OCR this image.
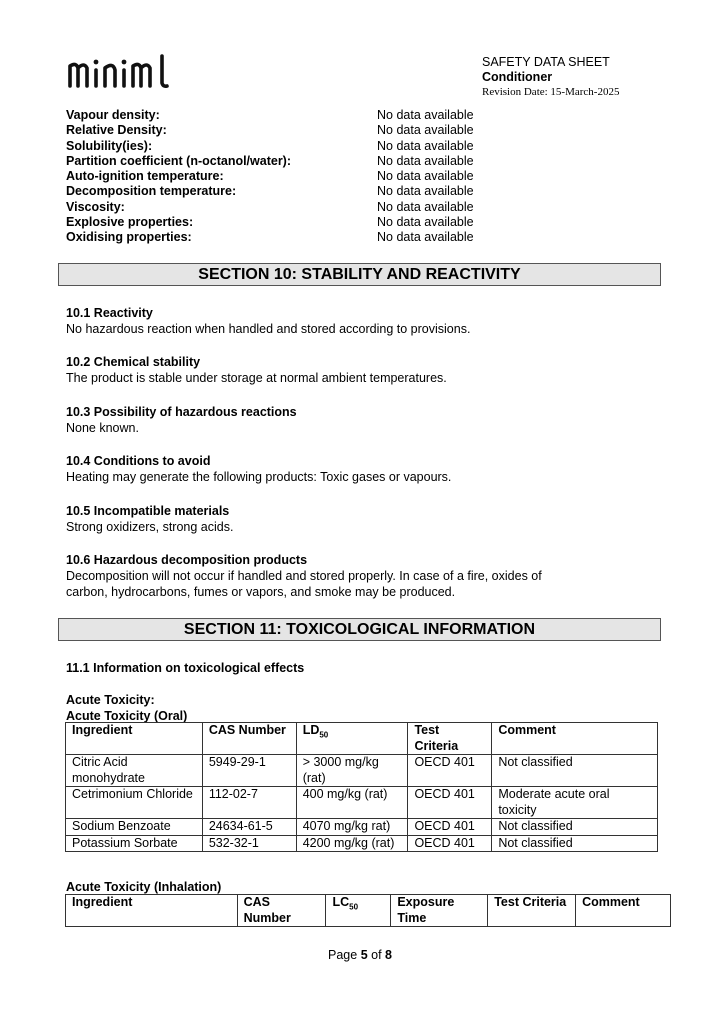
SAFETY DATA SHEET
Conditioner
Revision Date: 15-March-2025
Vapour density:	No data available
Relative Density:	No data available
Solubility(ies):	No data available
Partition coefficient (n-octanol/water):	No data available
Auto-ignition temperature:	No data available
Decomposition temperature:	No data available
Viscosity:	No data available
Explosive properties:	No data available
Oxidising properties:	No data available
SECTION 10: STABILITY AND REACTIVITY
10.1 Reactivity
No hazardous reaction when handled and stored according to provisions.
10.2 Chemical stability
The product is stable under storage at normal ambient temperatures.
10.3 Possibility of hazardous reactions
None known.
10.4 Conditions to avoid
Heating may generate the following products: Toxic gases or vapours.
10.5 Incompatible materials
Strong oxidizers, strong acids.
10.6 Hazardous decomposition products
Decomposition will not occur if handled and stored properly. In case of a fire, oxides of carbon, hydrocarbons, fumes or vapors, and smoke may be produced.
SECTION 11: TOXICOLOGICAL INFORMATION
11.1 Information on toxicological effects
Acute Toxicity:
Acute Toxicity (Oral)
Ingredient	CAS Number	$LD_{50}$	Test Criteria	Comment
Citric Acid monohydrate	5949-29-1	> 3000 mg/kg (rat)	OECD 401	Not classified
Cetrimonium Chloride	112-02-7	400 mg/kg (rat)	OECD 401	Moderate acute oral toxicity
Sodium Benzoate	24634-61-5	4070 mg/kg rat)	OECD 401	Not classified
Potassium Sorbate	532-32-1	4200 mg/kg (rat)	OECD 401	Not classified
Acute Toxicity (Inhalation)
Ingredient	CAS Number	$LC_{50}$	Exposure Time	Test Criteria	Comment
Page 5 of 8
